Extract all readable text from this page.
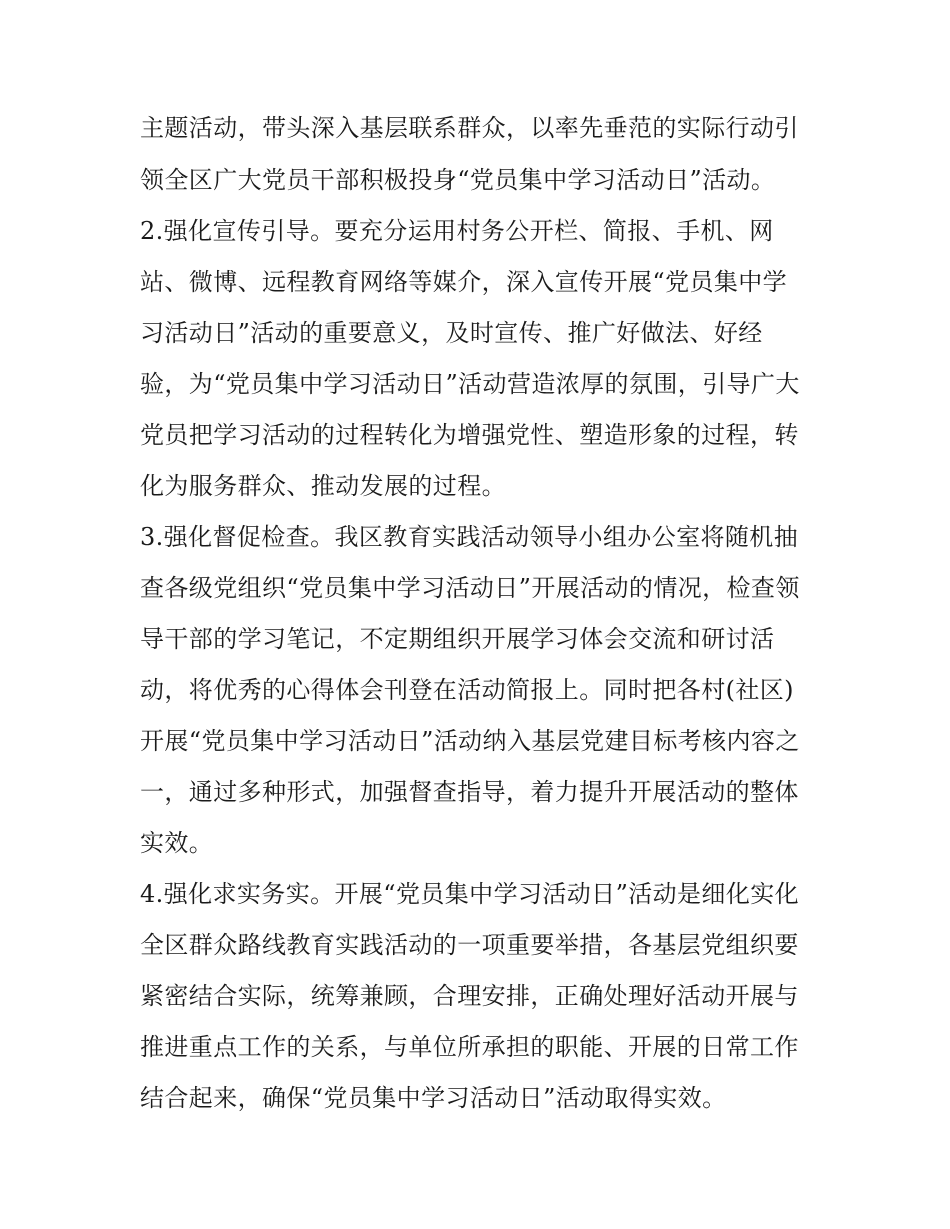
主题活动，带头深入基层联系群众，以率先垂范的实际行动引
领全区广大党员干部积极投身“党员集中学习活动日”活动。
2.强化宣传引导。要充分运用村务公开栏、简报、手机、网
站、微博、远程教育网络等媒介，深入宣传开展“党员集中学
习活动日”活动的重要意义，及时宣传、推广好做法、好经
验，为“党员集中学习活动日”活动营造浓厚的氛围，引导广大
党员把学习活动的过程转化为增强党性、塑造形象的过程，转
化为服务群众、推动发展的过程。
3.强化督促检查。我区教育实践活动领导小组办公室将随机抽
查各级党组织“党员集中学习活动日”开展活动的情况，检查领
导干部的学习笔记，不定期组织开展学习体会交流和研讨活
动，将优秀的心得体会刊登在活动简报上。同时把各村(社区)
开展“党员集中学习活动日”活动纳入基层党建目标考核内容之
一，通过多种形式，加强督查指导，着力提升开展活动的整体
实效。
4.强化求实务实。开展“党员集中学习活动日”活动是细化实化
全区群众路线教育实践活动的一项重要举措，各基层党组织要
紧密结合实际，统筹兼顾，合理安排，正确处理好活动开展与
推进重点工作的关系，与单位所承担的职能、开展的日常工作
结合起来，确保“党员集中学习活动日”活动取得实效。
